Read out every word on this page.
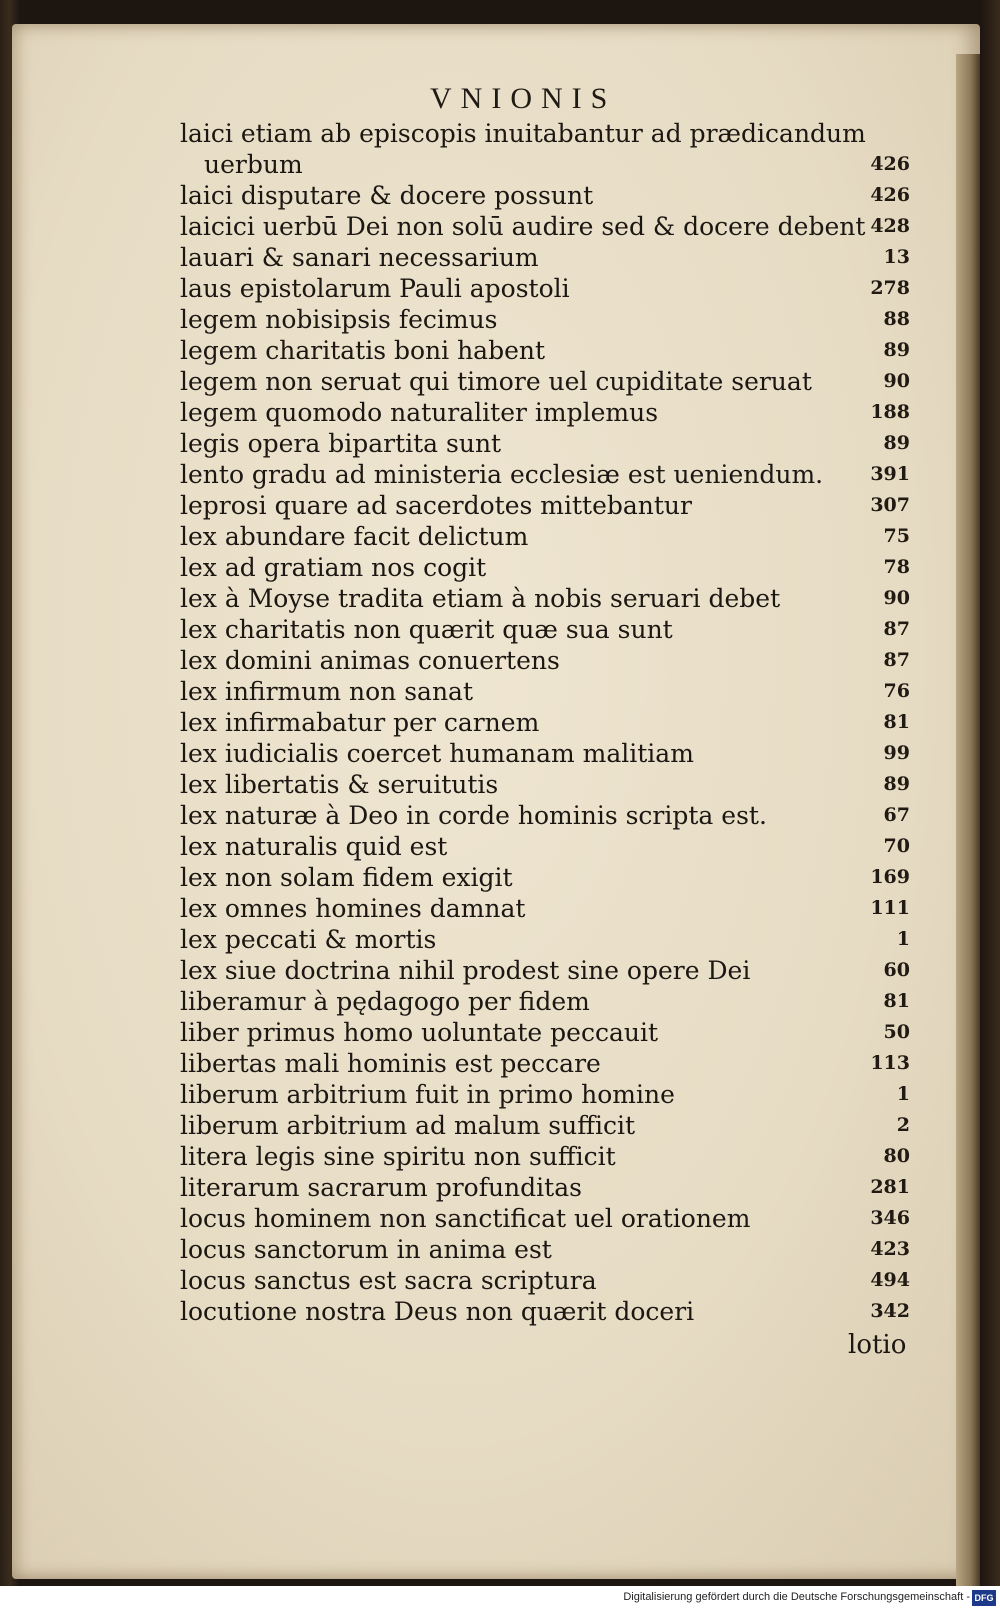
VNIONIS
laici etiam ab episcopis inuitabantur ad prædicandum
uerbum	426
laici disputare & docere possunt	426
laicici uerbū Dei non solū audire sed & docere debent 428
lauari & sanari necessarium	13
laus epistolarum Pauli apostoli	278
legem nobisipsis fecimus	88
legem charitatis boni habent	89
legem non seruat qui timore uel cupiditate seruat	90
legem quomodo naturaliter implemus	188
legis opera bipartita sunt	89
lento gradu ad ministeria ecclesiæ est ueniendum. 391
leprosi quare ad sacerdotes mittebantur	307
lex abundare facit delictum	75
lex ad gratiam nos cogit	78
lex à Moyse tradita etiam à nobis seruari debet	90
lex charitatis non quærit quæ sua sunt	87
lex domini animas conuertens	87
lex infirmum non sanat	76
lex infirmabatur per carnem	81
lex iudicialis coercet humanam malitiam	99
lex libertatis & seruitutis	89
lex naturæ à Deo in corde hominis scripta est.	67
lex naturalis quid est	70
lex non solam fidem exigit	169
lex omnes homines damnat	111
lex peccati & mortis	1
lex siue doctrina nihil prodest sine opere Dei	60
liberamur à pędagogo per fidem	81
liber primus homo uoluntate peccauit	50
libertas mali hominis est peccare	113
liberum arbitrium fuit in primo homine	1
liberum arbitrium ad malum sufficit	2
litera legis sine spiritu non sufficit	80
literarum sacrarum profunditas	281
locus hominem non sanctificat uel orationem	346
locus sanctorum in anima est	423
locus sanctus est sacra scriptura	494
locutione nostra Deus non quærit doceri	342
lotio
Digitalisierung gefördert durch die Deutsche Forschungsgemeinschaft - DFG
